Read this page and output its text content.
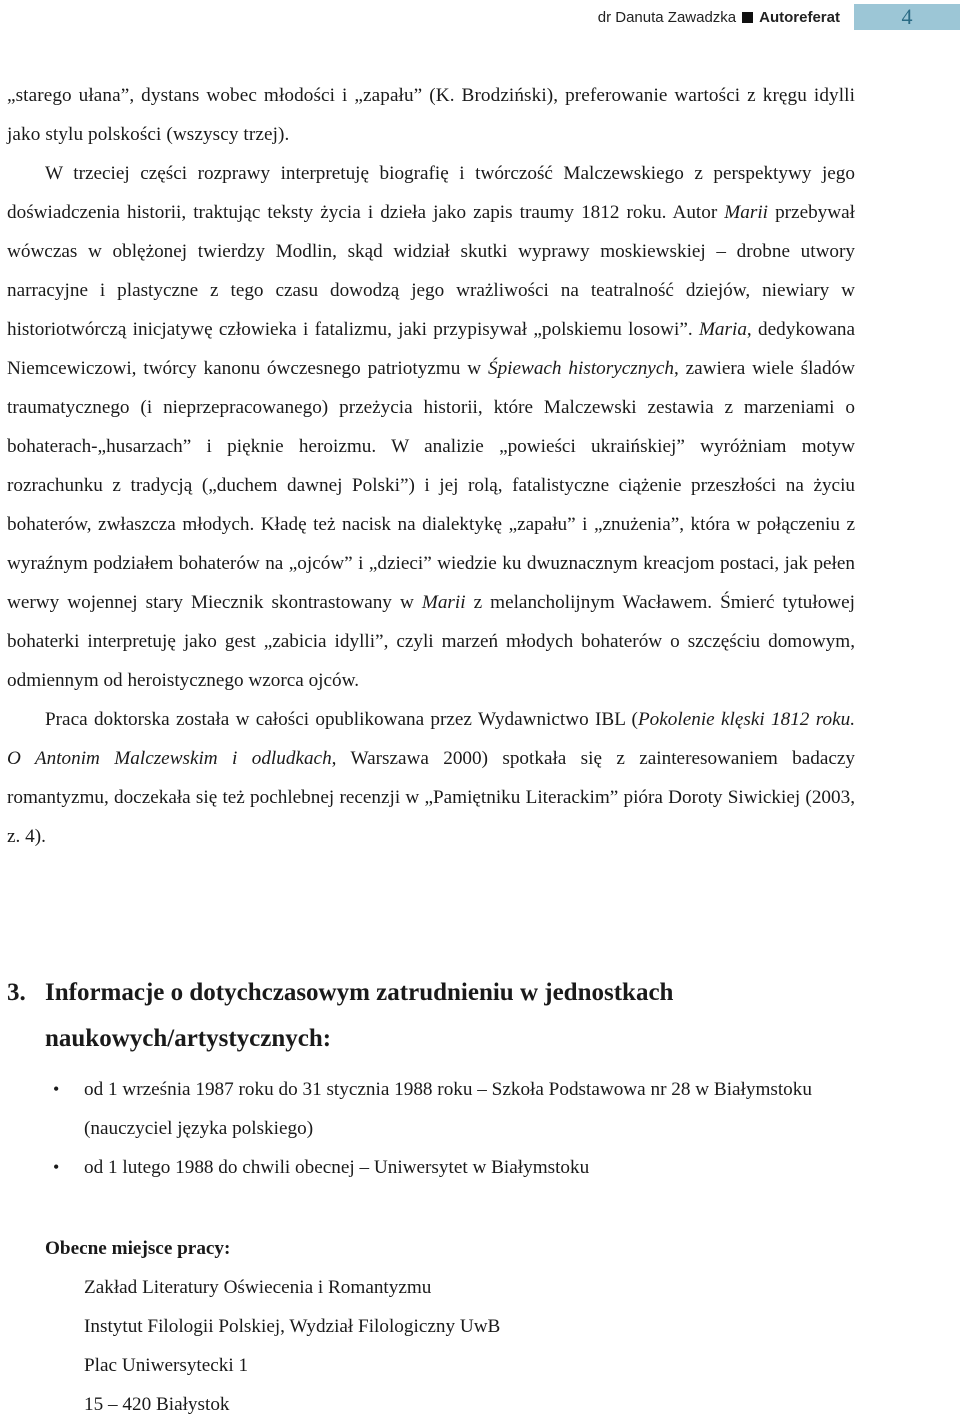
dr Danuta Zawadzka Autoreferat	4

„starego ułana”, dystans wobec młodości i „zapału” (K. Brodziński), preferowanie wartości z kręgu idylli jako stylu polskości (wszyscy trzej).

W trzeciej części rozprawy interpretuję biografię i twórczość Malczewskiego z perspektywy jego doświadczenia historii, traktując teksty życia i dzieła jako zapis traumy 1812 roku. Autor Marii przebywał wówczas w oblężonej twierdzy Modlin, skąd widział skutki wyprawy moskiewskiej – drobne utwory narracyjne i plastyczne z tego czasu dowodzą jego wrażliwości na teatralność dziejów, niewiary w historiotwórczą inicjatywę człowieka i fatalizmu, jaki przypisywał „polskiemu losowi”. Maria, dedykowana Niemcewiczowi, twórcy kanonu ówczesnego patriotyzmu w Śpiewach historycznych, zawiera wiele śladów traumatycznego (i nieprzepracowanego) przeżycia historii, które Malczewski zestawia z marzeniami o bohaterach-„husarzach” i pięknie heroizmu. W analizie „powieści ukraińskiej” wyróżniam motyw rozrachunku z tradycją („duchem dawnej Polski”) i jej rolą, fatalistyczne ciążenie przeszłości na życiu bohaterów, zwłaszcza młodych. Kładę też nacisk na dialektykę „zapału” i „znużenia”, która w połączeniu z wyraźnym podziałem bohaterów na „ojców” i „dzieci” wiedzie ku dwuznacznym kreacjom postaci, jak pełen werwy wojennej stary Miecznik skontrastowany w Marii z melancholijnym Wacławem. Śmierć tytułowej bohaterki interpretuję jako gest „zabicia idylli”, czyli marzeń młodych bohaterów o szczęściu domowym, odmiennym od heroistycznego wzorca ojców.

Praca doktorska została w całości opublikowana przez Wydawnictwo IBL (Pokolenie klęski 1812 roku. O Antonim Malczewskim i odludkach, Warszawa 2000) spotkała się z zainteresowaniem badaczy romantyzmu, doczekała się też pochlebnej recenzji w „Pamiętniku Literackim” pióra Doroty Siwickiej (2003, z. 4).

3. Informacje o dotychczasowym zatrudnieniu w jednostkach naukowych/artystycznych:
• od 1 września 1987 roku do 31 stycznia 1988 roku – Szkoła Podstawowa nr 28 w Białymstoku (nauczyciel języka polskiego)
• od 1 lutego 1988 do chwili obecnej – Uniwersytet w Białymstoku
Obecne miejsce pracy:
Zakład Literatury Oświecenia i Romantyzmu
Instytut Filologii Polskiej, Wydział Filologiczny UwB
Plac Uniwersytecki 1
15 – 420 Białystok
